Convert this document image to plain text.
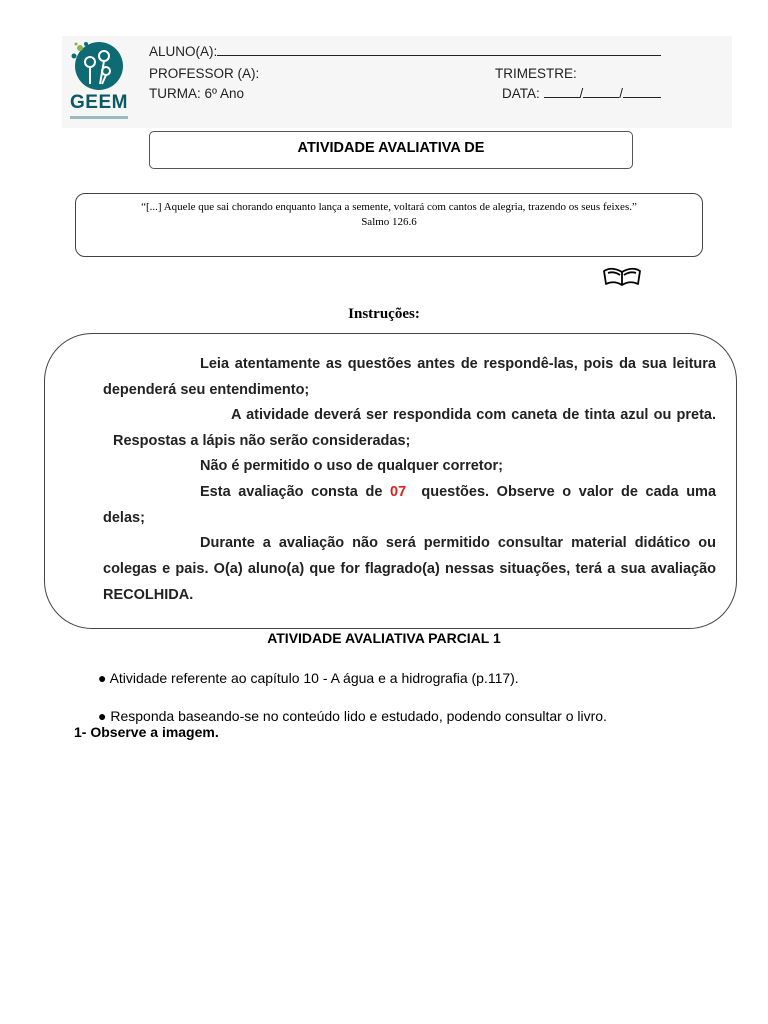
GEEM
ALUNO(A):
PROFESSOR (A):	TRIMESTRE:
TURMA: 6º Ano	DATA:	/	/
ATIVIDADE AVALIATIVA DE
“[...] Aquele que sai chorando enquanto lança a semente, voltará com cantos de alegria, trazendo os seus feixes.”
Salmo 126.6
Instruções:

Leia atentamente as questões antes de respondê-las, pois da sua leitura dependerá seu entendimento;

A atividade deverá ser respondida com caneta de tinta azul ou preta. Respostas a lápis não serão consideradas;

Não é permitido o uso de qualquer corretor;

Esta avaliação consta de 07 questões. Observe o valor de cada uma delas;

Durante a avaliação não será permitido consultar material didático ou colegas e pais. O(a) aluno(a) que for flagrado(a) nessas situações, terá a sua avaliação RECOLHIDA.

ATIVIDADE AVALIATIVA PARCIAL 1
● Atividade referente ao capítulo 10 - A água e a hidrografia (p.117).
● Responda baseando-se no conteúdo lido e estudado, podendo consultar o livro.
1- Observe a imagem.
